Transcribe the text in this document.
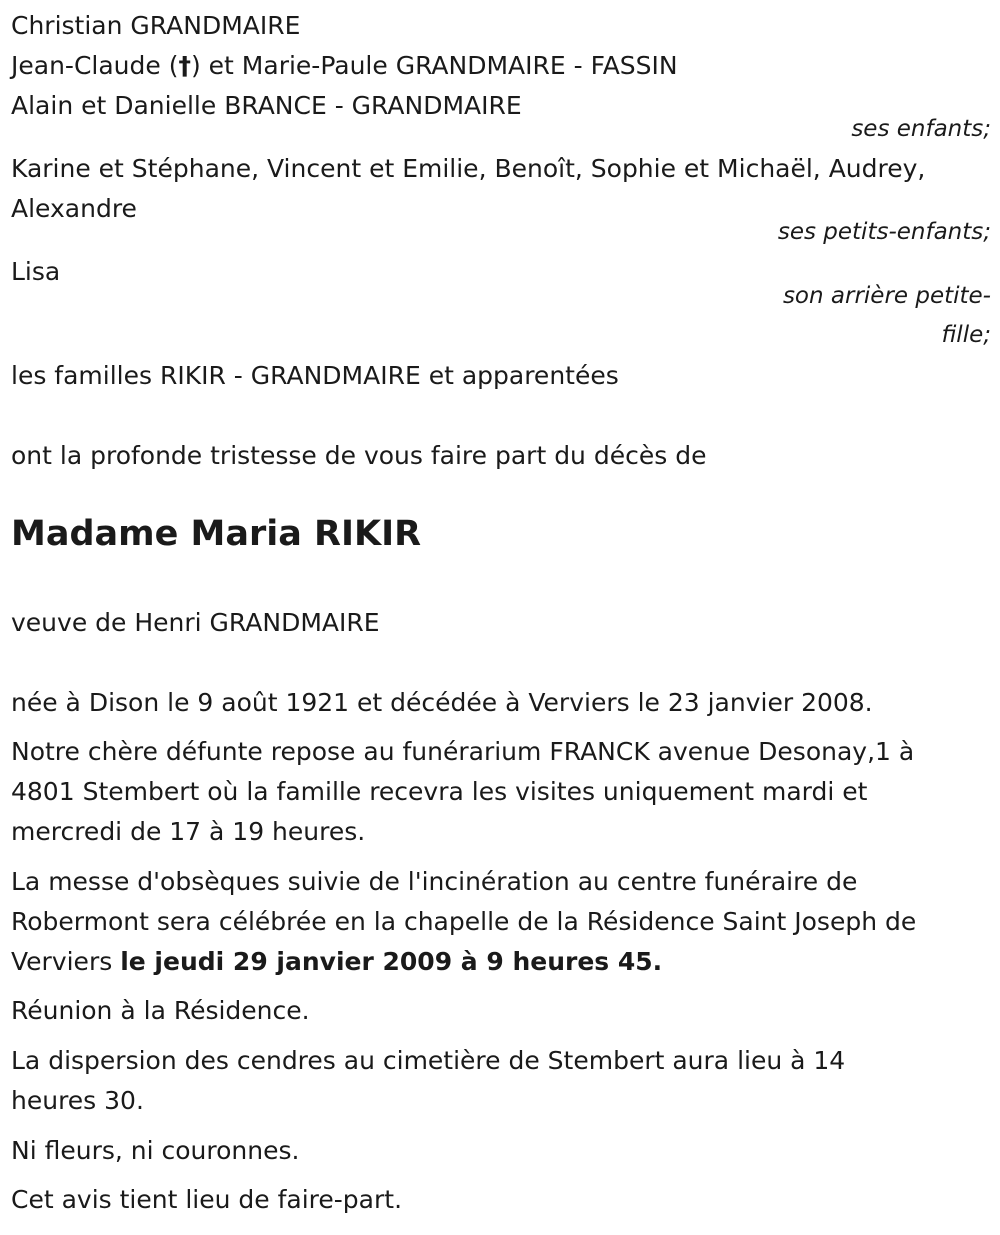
Christian GRANDMAIRE
Jean-Claude (†) et Marie-Paule GRANDMAIRE - FASSIN
Alain et Danielle BRANCE - GRANDMAIRE
ses enfants;
Karine et Stéphane, Vincent et Emilie, Benoît, Sophie et Michaël, Audrey,
Alexandre
ses petits-enfants;
Lisa
son arrière petite-
fille;
les familles RIKIR - GRANDMAIRE et apparentées
ont la profonde tristesse de vous faire part du décès de
Madame Maria RIKIR
veuve de Henri GRANDMAIRE
née à Dison le 9 août 1921 et décédée à Verviers le 23 janvier 2008.
Notre chère défunte repose au funérarium FRANCK avenue Desonay,1 à
4801 Stembert où la famille recevra les visites uniquement mardi et
mercredi de 17 à 19 heures.
La messe d'obsèques suivie de l'incinération au centre funéraire de
Robermont sera célébrée en la chapelle de la Résidence Saint Joseph de
Verviers le jeudi 29 janvier 2009 à 9 heures 45.
Réunion à la Résidence.
La dispersion des cendres au cimetière de Stembert aura lieu à 14
heures 30.
Ni fleurs, ni couronnes.
Cet avis tient lieu de faire-part.
